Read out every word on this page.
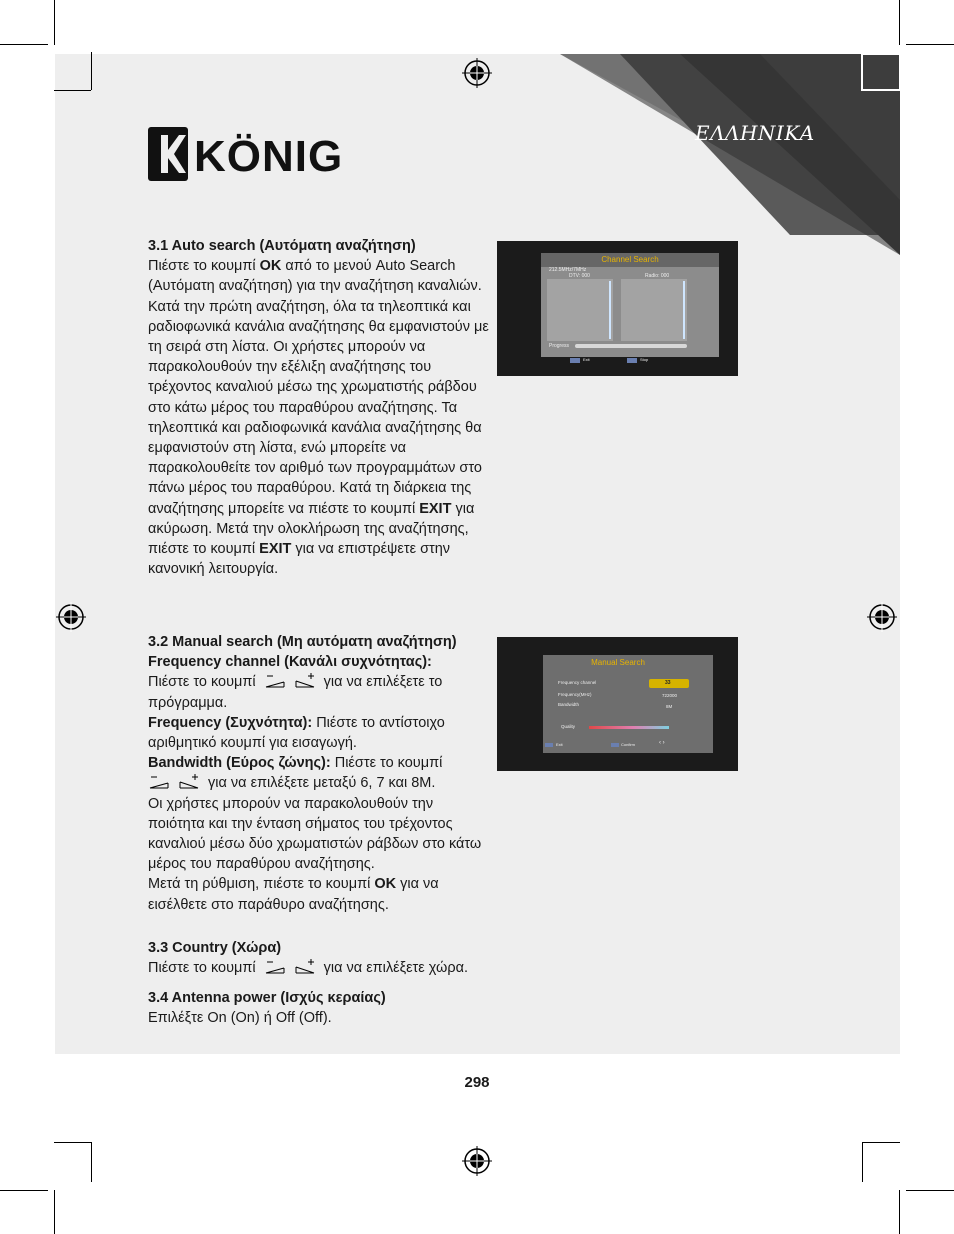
KÖNIG	ΕΛΛΗΝΙΚΑ

3.1 Auto search (Αυτόματη αναζήτηση)

Πιέστε το κουμπί OK από το μενού Auto Search (Αυτόματη αναζήτηση) για την αναζήτηση καναλιών. Κατά την πρώτη αναζήτηση, όλα τα τηλεοπτικά και ραδιοφωνικά κανάλια αναζήτησης θα εμφανιστούν με τη σειρά στη λίστα. Οι χρήστες μπορούν να παρακολουθούν την εξέλιξη αναζήτησης του τρέχοντος καναλιού μέσω της χρωματιστής ράβδου στο κάτω μέρος του παραθύρου αναζήτησης. Τα τηλεοπτικά και ραδιοφωνικά κανάλια αναζήτησης θα εμφανιστούν στη λίστα, ενώ μπορείτε να παρακολουθείτε τον αριθμό των προγραμμάτων στο πάνω μέρος του παραθύρου. Κατά τη διάρκεια της αναζήτησης μπορείτε να πιέστε το κουμπί EXIT για ακύρωση. Μετά την ολοκλήρωση της αναζήτησης, πιέστε το κουμπί EXIT για να επιστρέψετε στην κανονική λειτουργία.

3.2 Manual search (Μη αυτόματη αναζήτηση)

Frequency channel (Κανάλι συχνότητας):

Πιέστε το κουμπί	για να επιλέξετε το πρόγραμμα.

Frequency (Συχνότητα): Πιέστε το αντίστοιχο αριθμητικό κουμπί για εισαγωγή.

Bandwidth (Εύρος ζώνης): Πιέστε το κουμπί
για να επιλέξετε μεταξύ 6, 7 και 8M.

Οι χρήστες μπορούν να παρακολουθούν την ποιότητα και την ένταση σήματος του τρέχοντος καναλιού μέσω δύο χρωματιστών ράβδων στο κάτω μέρος του παραθύρου αναζήτησης.

Μετά τη ρύθμιση, πιέστε το κουμπί OK για να εισέλθετε στο παράθυρο αναζήτησης.

3.3 Country (Χώρα)

Πιέστε το κουμπί	για να επιλέξετε χώρα.

3.4 Antenna power (Ισχύς κεραίας)

Επιλέξτε On (On) ή Off (Off).

Channel Search
212.5MHz/7MHz
DTV: 000	Radio: 000
Progress
Exit	Stop
Manual Search
Frequency channel	33
Frequency(MHz)	722000
Bandwidth	8M
Quality
Exit	Confirm	‹ ›
298
